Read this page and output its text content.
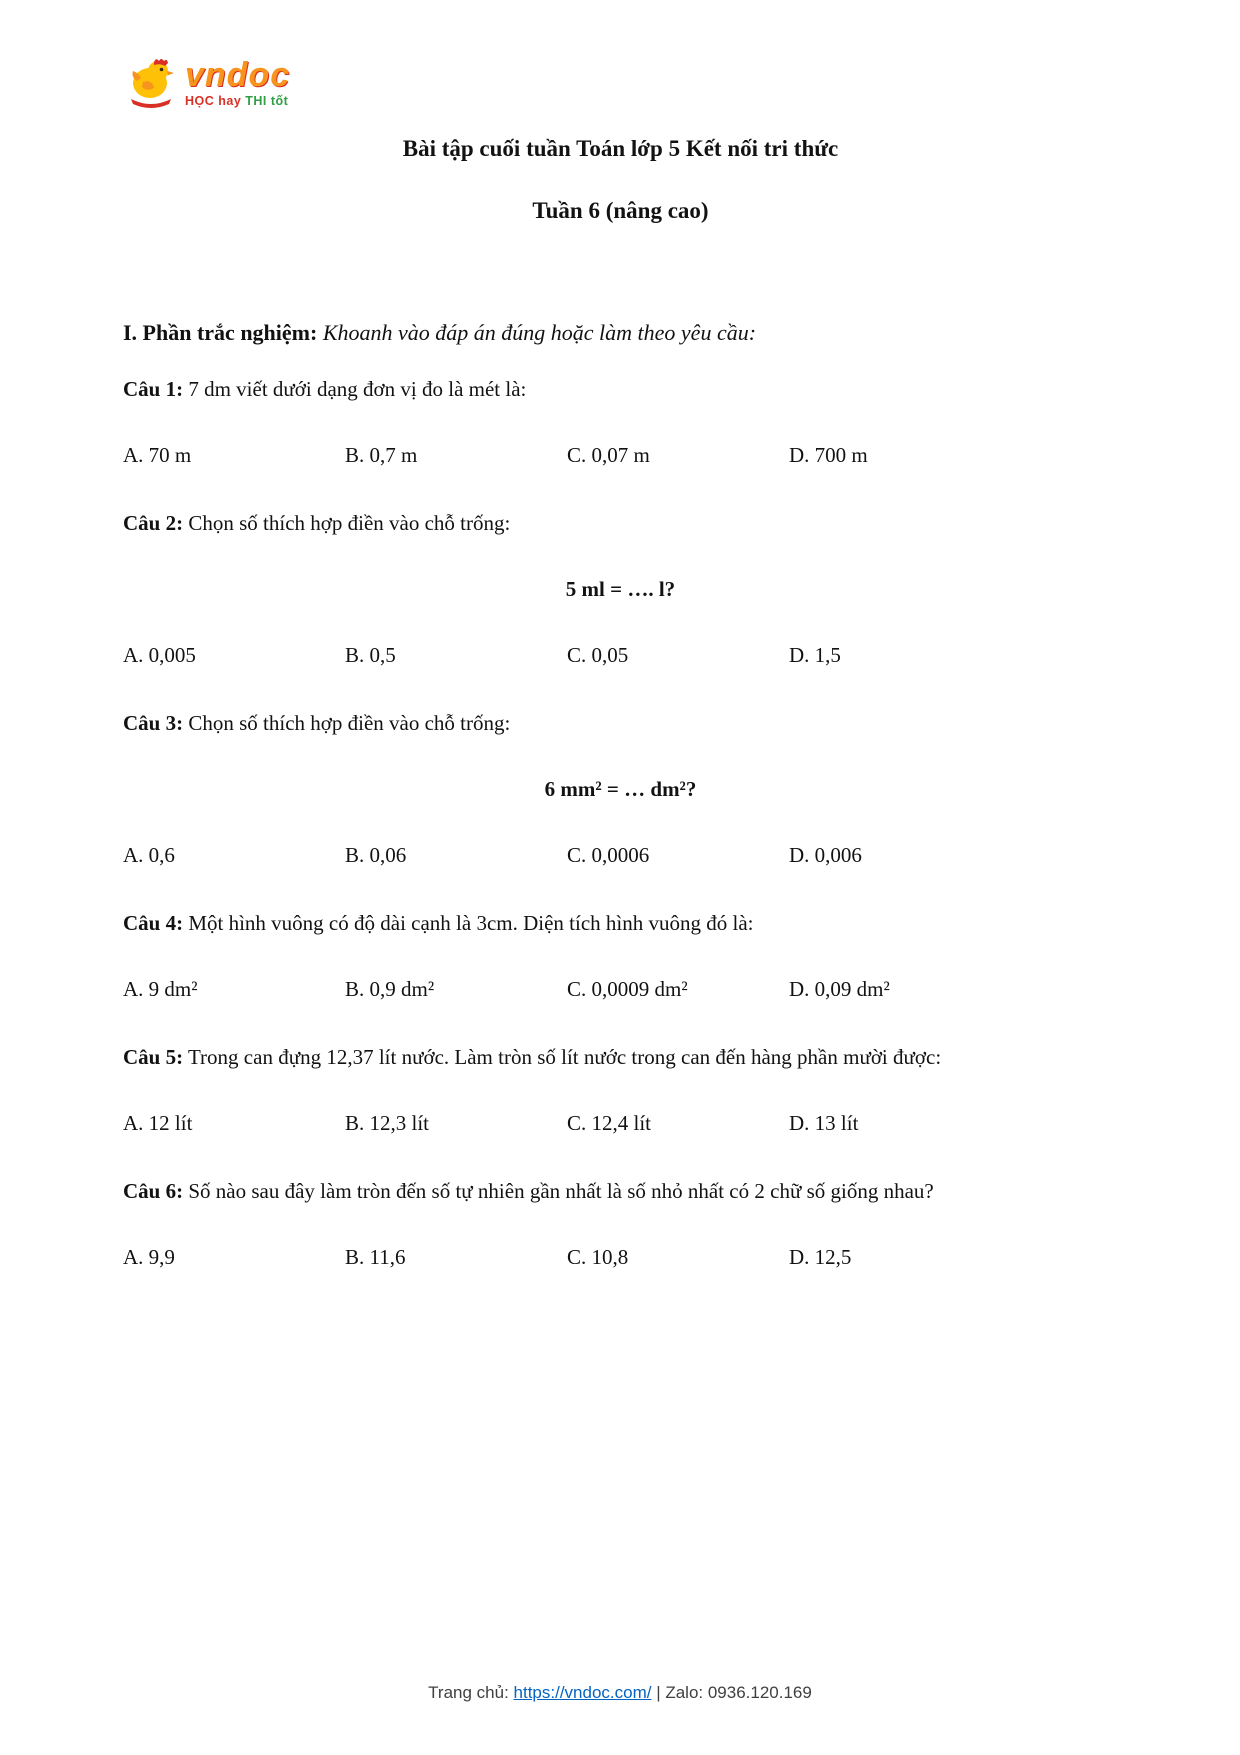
vndoc
HỌC hay THI tốt
Bài tập cuối tuần Toán lớp 5 Kết nối tri thức
Tuần 6 (nâng cao)

I. Phần trắc nghiệm: Khoanh vào đáp án đúng hoặc làm theo yêu cầu:

Câu 1: 7 dm viết dưới dạng đơn vị đo là mét là:

A. 70 m	B. 0,7 m	C. 0,07 m	D. 700 m

Câu 2: Chọn số thích hợp điền vào chỗ trống:

5 ml = …. l?

A. 0,005	B. 0,5	C. 0,05	D. 1,5

Câu 3: Chọn số thích hợp điền vào chỗ trống:

6 mm² = … dm²?

A. 0,6	B. 0,06	C. 0,0006	D. 0,006

Câu 4: Một hình vuông có độ dài cạnh là 3cm. Diện tích hình vuông đó là:

A. 9 dm²	B. 0,9 dm²	C. 0,0009 dm²	D. 0,09 dm²

Câu 5: Trong can đựng 12,37 lít nước. Làm tròn số lít nước trong can đến hàng phần mười được:

A. 12 lít	B. 12,3 lít	C. 12,4 lít	D. 13 lít

Câu 6: Số nào sau đây làm tròn đến số tự nhiên gần nhất là số nhỏ nhất có 2 chữ số giống nhau?

A. 9,9	B. 11,6	C. 10,8	D. 12,5
Trang chủ: https://vndoc.com/ | Zalo: 0936.120.169
